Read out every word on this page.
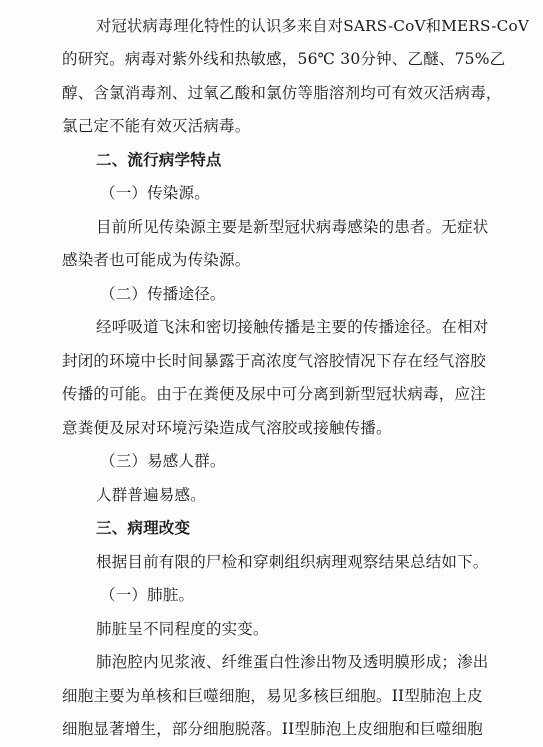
对冠状病毒理化特性的认识多来自对SARS-CoV和MERS-CoV
的研究。病毒对紫外线和热敏感，56℃ 30分钟、乙醚、75%乙
醇、含氯消毒剂、过氧乙酸和氯仿等脂溶剂均可有效灭活病毒，
氯己定不能有效灭活病毒。
二、流行病学特点
（一）传染源。
目前所见传染源主要是新型冠状病毒感染的患者。无症状
感染者也可能成为传染源。
（二）传播途径。
经呼吸道飞沫和密切接触传播是主要的传播途径。在相对
封闭的环境中长时间暴露于高浓度气溶胶情况下存在经气溶胶
传播的可能。由于在粪便及尿中可分离到新型冠状病毒，应注
意粪便及尿对环境污染造成气溶胶或接触传播。
（三）易感人群。
人群普遍易感。
三、病理改变
根据目前有限的尸检和穿刺组织病理观察结果总结如下。
（一）肺脏。
肺脏呈不同程度的实变。
肺泡腔内见浆液、纤维蛋白性渗出物及透明膜形成；渗出
细胞主要为单核和巨噬细胞，易见多核巨细胞。II型肺泡上皮
细胞显著增生，部分细胞脱落。II型肺泡上皮细胞和巨噬细胞
